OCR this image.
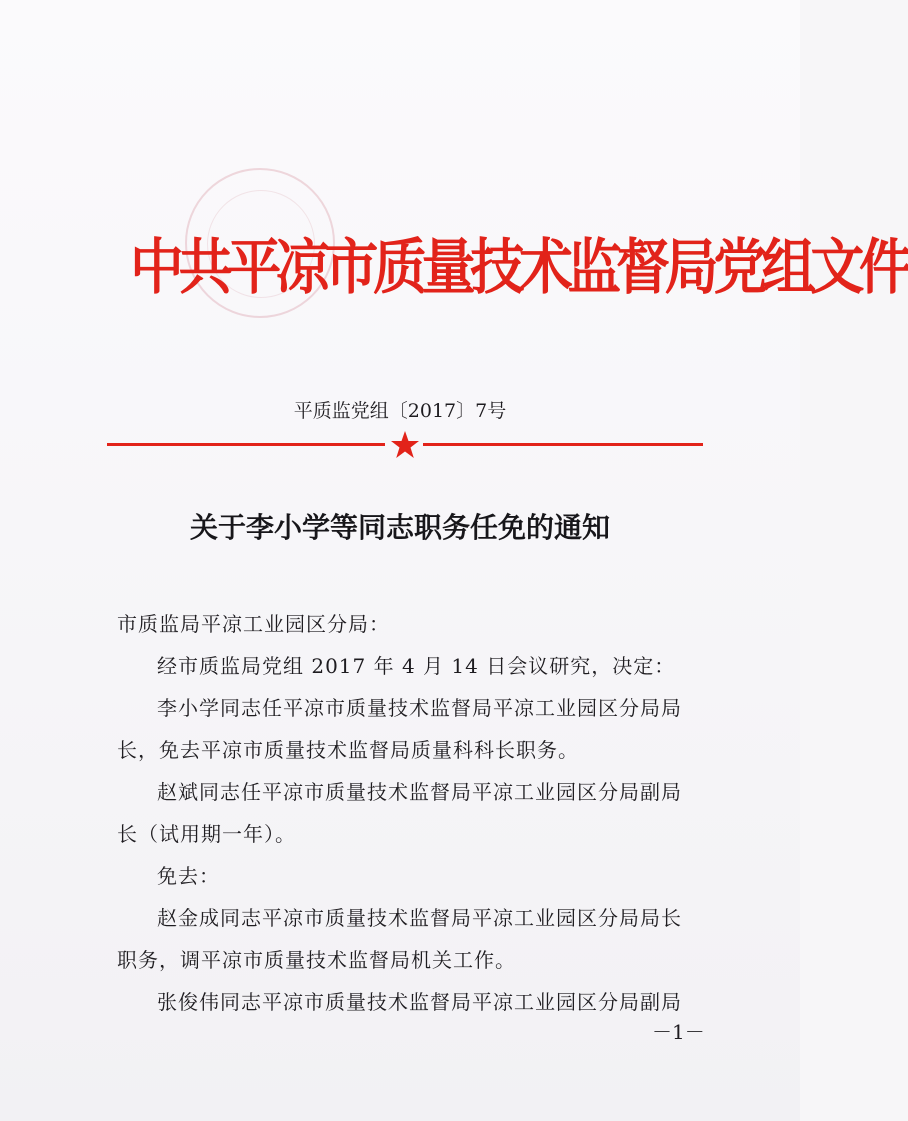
中共平凉市质量技术监督局党组文件
平质监党组〔2017〕7号
关于李小学等同志职务任免的通知
市质监局平凉工业园区分局：
经市质监局党组 2017 年 4 月 14 日会议研究，决定：
李小学同志任平凉市质量技术监督局平凉工业园区分局局
长，免去平凉市质量技术监督局质量科科长职务。
赵斌同志任平凉市质量技术监督局平凉工业园区分局副局
长（试用期一年）。
免去：
赵金成同志平凉市质量技术监督局平凉工业园区分局局长
职务，调平凉市质量技术监督局机关工作。
张俊伟同志平凉市质量技术监督局平凉工业园区分局副局
－1－
